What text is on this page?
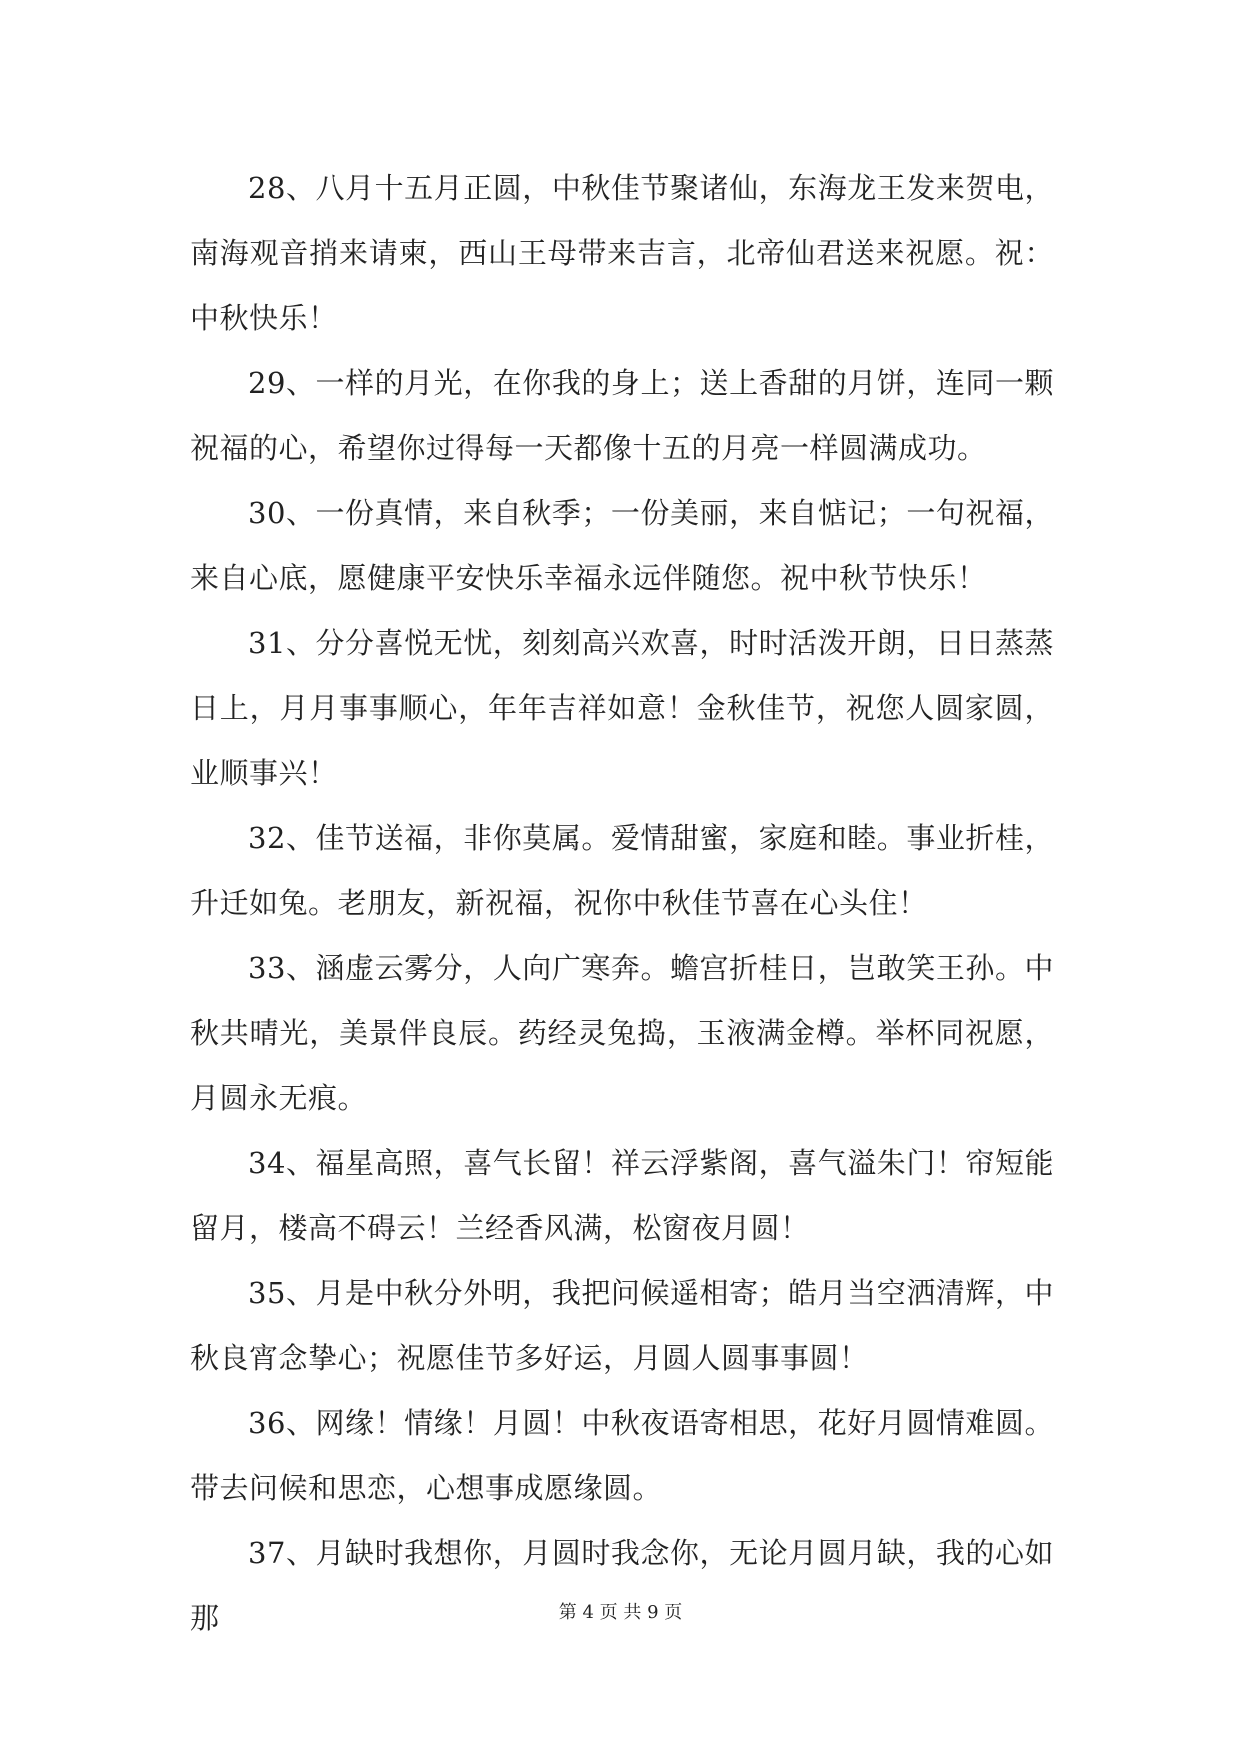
28、八月十五月正圆，中秋佳节聚诸仙，东海龙王发来贺电，南海观音捎来请柬，西山王母带来吉言，北帝仙君送来祝愿。祝：中秋快乐！

29、一样的月光，在你我的身上；送上香甜的月饼，连同一颗祝福的心，希望你过得每一天都像十五的月亮一样圆满成功。

30、一份真情，来自秋季；一份美丽，来自惦记；一句祝福，来自心底，愿健康平安快乐幸福永远伴随您。祝中秋节快乐！

31、分分喜悦无忧，刻刻高兴欢喜，时时活泼开朗，日日蒸蒸日上，月月事事顺心，年年吉祥如意！金秋佳节，祝您人圆家圆，业顺事兴！

32、佳节送福，非你莫属。爱情甜蜜，家庭和睦。事业折桂，升迁如兔。老朋友，新祝福，祝你中秋佳节喜在心头住！

33、涵虚云雾分，人向广寒奔。蟾宫折桂日，岂敢笑王孙。中秋共晴光，美景伴良辰。药经灵兔捣，玉液满金樽。举杯同祝愿，月圆永无痕。

34、福星高照，喜气长留！祥云浮紫阁，喜气溢朱门！帘短能留月，楼高不碍云！兰经香风满，松窗夜月圆！

35、月是中秋分外明，我把问候遥相寄；皓月当空洒清辉，中秋良宵念挚心；祝愿佳节多好运，月圆人圆事事圆！

36、网缘！情缘！月圆！中秋夜语寄相思，花好月圆情难圆。带去问候和思恋，心想事成愿缘圆。

37、月缺时我想你，月圆时我念你，无论月圆月缺，我的心如那	第 4 页 共 9 页
